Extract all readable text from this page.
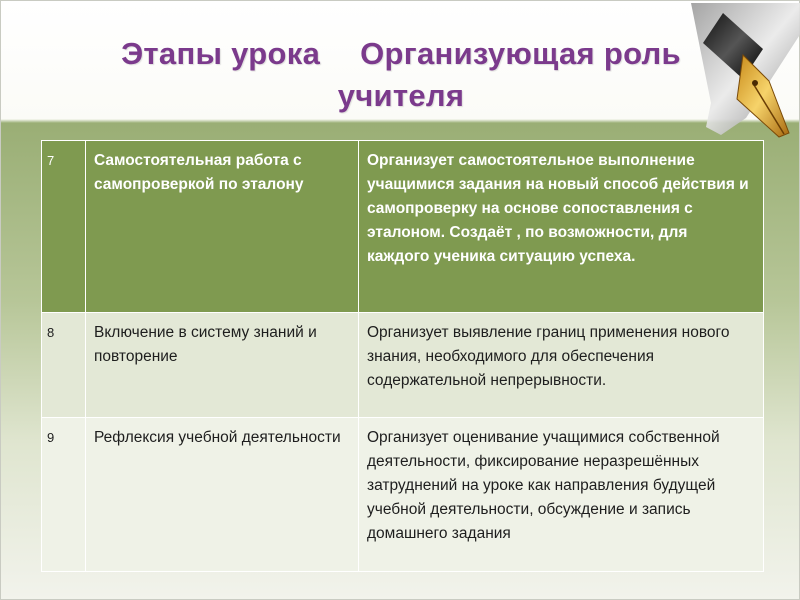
Этапы урока Организующая роль
учителя
7	Самостоятельная работа с самопроверкой по эталону	Организует самостоятельное выполнение учащимися задания на новый способ действия и самопроверку на основе сопоставления с эталоном. Создаёт , по возможности, для каждого ученика ситуацию успеха.
8	Включение в систему знаний и повторение	Организует выявление границ применения нового знания, необходимого для обеспечения содержательной непрерывности.
9	Рефлексия учебной деятельности	Организует оценивание учащимися собственной деятельности, фиксирование неразрешённых затруднений на уроке как направления будущей учебной деятельности, обсуждение и запись домашнего задания
